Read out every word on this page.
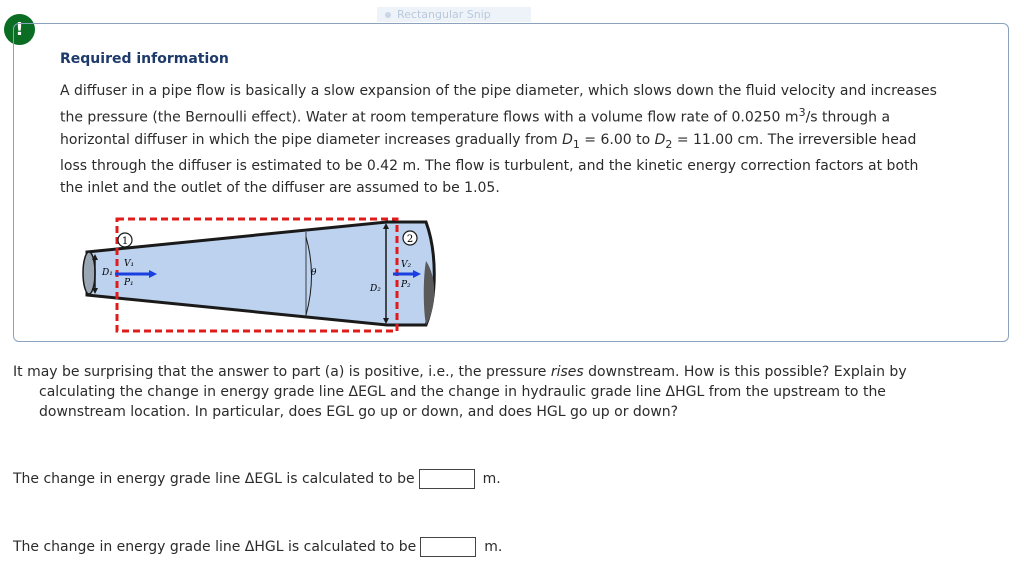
!
Rectangular Snip
Required information
A diffuser in a pipe flow is basically a slow expansion of the pipe diameter, which slows down the fluid velocity and increases the pressure (the Bernoulli effect). Water at room temperature flows with a volume flow rate of 0.0250 $m^3/s$ through a horizontal diffuser in which the pipe diameter increases gradually from $D_1 = 6.00$ to $D_2 = 11.00$ cm. The irreversible head loss through the diffuser is estimated to be 0.42 m. The flow is turbulent, and the kinetic energy correction factors at both the inlet and the outlet of the diffuser are assumed to be 1.05.
1	2
D₁
V₁
P₁
θ
D₂
V₂
P₂
It may be surprising that the answer to part (a) is positive, i.e., the pressure rises downstream. How is this possible? Explain by
calculating the change in energy grade line ΔEGL and the change in hydraulic grade line ΔHGL from the upstream to the
downstream location. In particular, does EGL go up or down, and does HGL go up or down?
The change in energy grade line ΔEGL is calculated to be	m.
The change in energy grade line ΔHGL is calculated to be	m.
